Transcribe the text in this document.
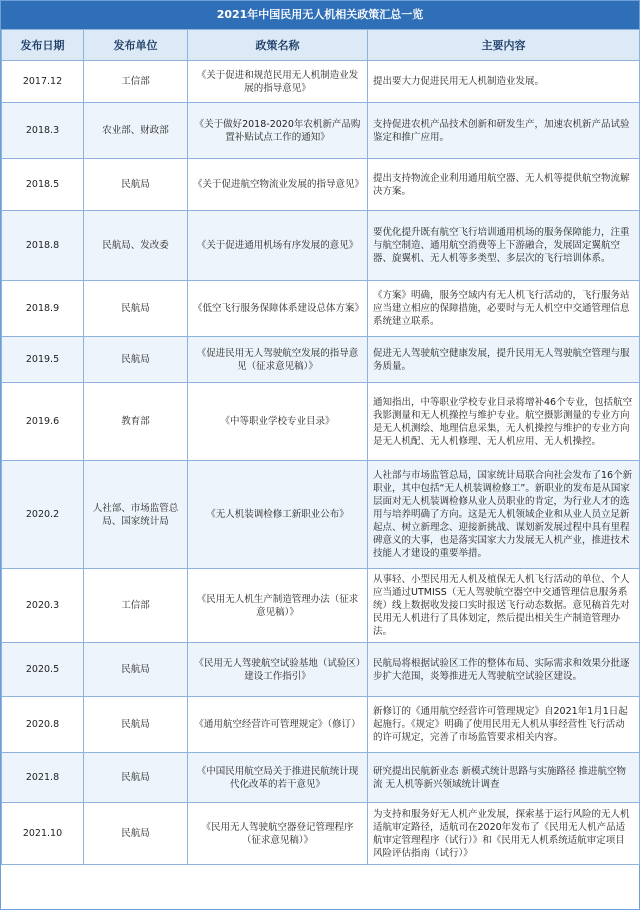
2021年中国民用无人机相关政策汇总一览
发布日期	发布单位	政策名称	主要内容
2017.12	工信部	《关于促进和规范民用无人机制造业发展的指导意见》	提出要大力促进民用无人机制造业发展。
2018.3	农业部、财政部	《关于做好2018-2020年农机新产品购置补贴试点工作的通知》	支持促进农机产品技术创新和研发生产，加速农机新产品试验鉴定和推广应用。
2018.5	民航局	《关于促进航空物流业发展的指导意见》	提出支持物流企业利用通用航空器、无人机等提供航空物流解决方案。
2018.8	民航局、发改委	《关于促进通用机场有序发展的意见》	要优化提升既有航空飞行培训通用机场的服务保障能力，注重与航空制造、通用航空消费等上下游融合，发展固定翼航空器、旋翼机、无人机等多类型、多层次的飞行培训体系。
2018.9	民航局	《低空飞行服务保障体系建设总体方案》	《方案》明确，服务空域内有无人机飞行活动的，飞行服务站应当建立相应的保障措施，必要时与无人机空中交通管理信息系统建立联系。
2019.5	民航局	《促进民用无人驾驶航空发展的指导意见（征求意见稿）》	促进无人驾驶航空健康发展，提升民用无人驾驶航空管理与服务质量。
2019.6	教育部	《中等职业学校专业目录》	通知指出，中等职业学校专业目录将增补46个专业，包括航空我影测量和无人机操控与维护专业。航空摄影测量的专业方向是无人机测绘、地理信息采集，无人机操控与维护的专业方向是无人机配、无人机修理、无人机应用、无人机操控。
2020.2	人社部、市场监管总局、国家统计局	《无人机装调检修工新职业公布》	人社部与市场监管总局，国家统计局联合向社会发布了16个新职业，其中包括“无人机装调检修工”。新职业的发布是从国家层面对无人机装调检修从业人员职业的肯定，为行业人才的选用与培养明确了方向。这是无人机领域企业和从业人员立足新起点、树立新理念、迎接新挑战、谋划新发展过程中具有里程碑意义的大事，也是落实国家大力发展无人机产业，推进技术技能人才建设的重要举措。
2020.3	工信部	《民用无人机生产制造管理办法（征求意见稿）》	从事轻、小型民用无人机及植保无人机飞行活动的单位、个人应当通过UTMISS（无人驾驶航空器空中交通管理信息服务系统）线上数据收发接口实时报送飞行动态数据。意见稿首先对民用无人机进行了具体划定，然后提出相关生产制造管理办法。
2020.5	民航局	《民用无人驾驶航空试验基地（试验区）建设工作指引》	民航局将根据试验区工作的整体布局、实际需求和效果分批逐步扩大范围，炎筹推进无人驾驶航空试验区建设。
2020.8	民航局	《通用航空经营许可管理规定》（修订）	新修订的《通用航空经营许可管理规定》自2021年1月1日起起施行。《规定》明确了使用民用无人机从事经营性飞行活动的许可规定，完善了市场监管要求相关内容。
2021.8	民航局	《中国民用航空局关于推进民航统计现代化改革的若干意见》	研究提出民航新业态 新模式统计思路与实施路径 推进航空物流 无人机等新兴领域统计调查
2021.10	民航局	《民用无人驾驶航空器登记管理程序（征求意见稿）》	为支持和服务好无人机产业发展，探索基于运行风险的无人机适航审定路径，适航司在2020年发布了《民用无人机产品适航审定管理程序（试行）》和《民用无人机系统适航审定项目风险评估指南（试行）》
